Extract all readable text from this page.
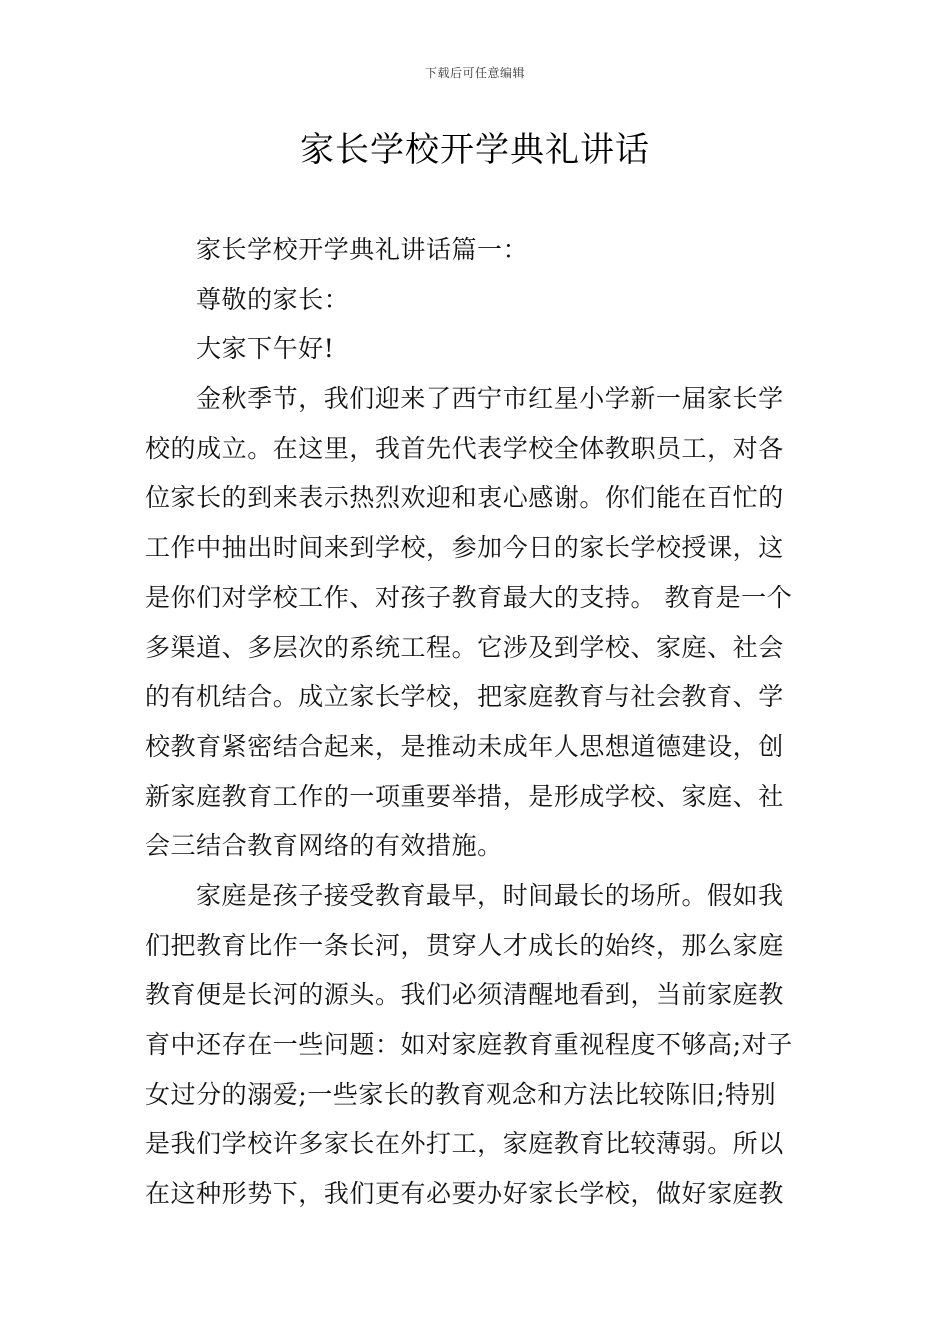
下载后可任意编辑
家长学校开学典礼讲话
家长学校开学典礼讲话篇一：
尊敬的家长：
大家下午好!
金秋季节，我们迎来了西宁市红星小学新一届家长学
校的成立。在这里，我首先代表学校全体教职员工，对各
位家长的到来表示热烈欢迎和衷心感谢。你们能在百忙的
工作中抽出时间来到学校，参加今日的家长学校授课，这
是你们对学校工作、对孩子教育最大的支持。 教育是一个
多渠道、多层次的系统工程。它涉及到学校、家庭、社会
的有机结合。成立家长学校，把家庭教育与社会教育、学
校教育紧密结合起来，是推动未成年人思想道德建设，创
新家庭教育工作的一项重要举措，是形成学校、家庭、社
会三结合教育网络的有效措施。
家庭是孩子接受教育最早，时间最长的场所。假如我
们把教育比作一条长河，贯穿人才成长的始终，那么家庭
教育便是长河的源头。我们必须清醒地看到，当前家庭教
育中还存在一些问题：如对家庭教育重视程度不够高;对子
女过分的溺爱;一些家长的教育观念和方法比较陈旧;特别
是我们学校许多家长在外打工，家庭教育比较薄弱。所以
在这种形势下，我们更有必要办好家长学校，做好家庭教
